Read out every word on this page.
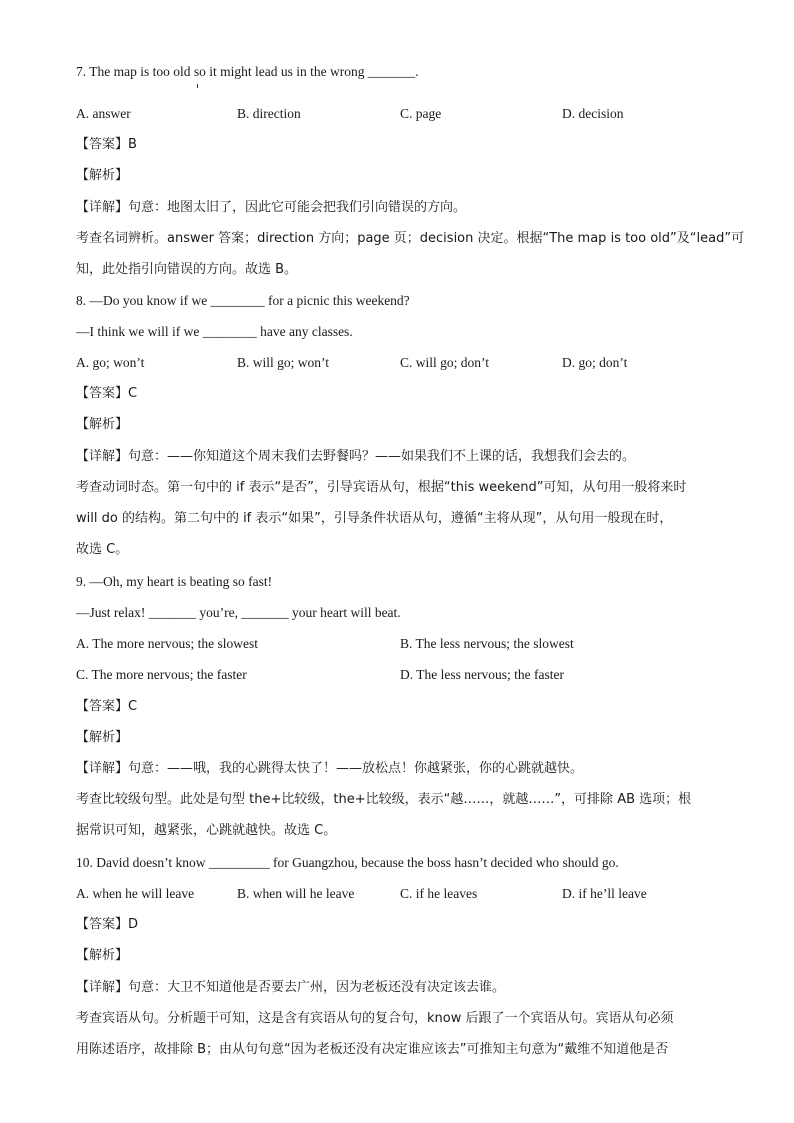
7. The map is too old so it might lead us in the wrong _______.
A. answer	B. direction	C. page	D. decision
【答案】B
【解析】
【详解】句意：地图太旧了，因此它可能会把我们引向错误的方向。
考查名词辨析。answer 答案；direction 方向；page 页；decision 决定。根据“The map is too old”及“lead”可
知，此处指引向错误的方向。故选 B。
8. —Do you know if we ________ for a picnic this weekend?
—I think we will if we ________ have any classes.
A. go; won’t	B. will go; won’t	C. will go; don’t	D. go; don’t
【答案】C
【解析】
【详解】句意：——你知道这个周末我们去野餐吗？——如果我们不上课的话，我想我们会去的。
考查动词时态。第一句中的 if 表示“是否”，引导宾语从句，根据“this weekend”可知，从句用一般将来时
will do 的结构。第二句中的 if 表示“如果”，引导条件状语从句，遵循“主将从现”，从句用一般现在时，
故选 C。
9. —Oh, my heart is beating so fast!
—Just relax! _______ you’re, _______ your heart will beat.
A. The more nervous; the slowest	B. The less nervous; the slowest
C. The more nervous; the faster	D. The less nervous; the faster
【答案】C
【解析】
【详解】句意：——哦，我的心跳得太快了！——放松点！你越紧张，你的心跳就越快。
考查比较级句型。此处是句型 the+比较级，the+比较级，表示“越……，就越……”，可排除 AB 选项；根
据常识可知，越紧张，心跳就越快。故选 C。
10. David doesn’t know _________ for Guangzhou, because the boss hasn’t decided who should go.
A. when he will leave	B. when will he leave	C. if he leaves	D. if he’ll leave
【答案】D
【解析】
【详解】句意：大卫不知道他是否要去广州，因为老板还没有决定该去谁。
考查宾语从句。分析题干可知，这是含有宾语从句的复合句，know 后跟了一个宾语从句。宾语从句必须
用陈述语序，故排除 B；由从句句意“因为老板还没有决定谁应该去”可推知主句意为“戴维不知道他是否
